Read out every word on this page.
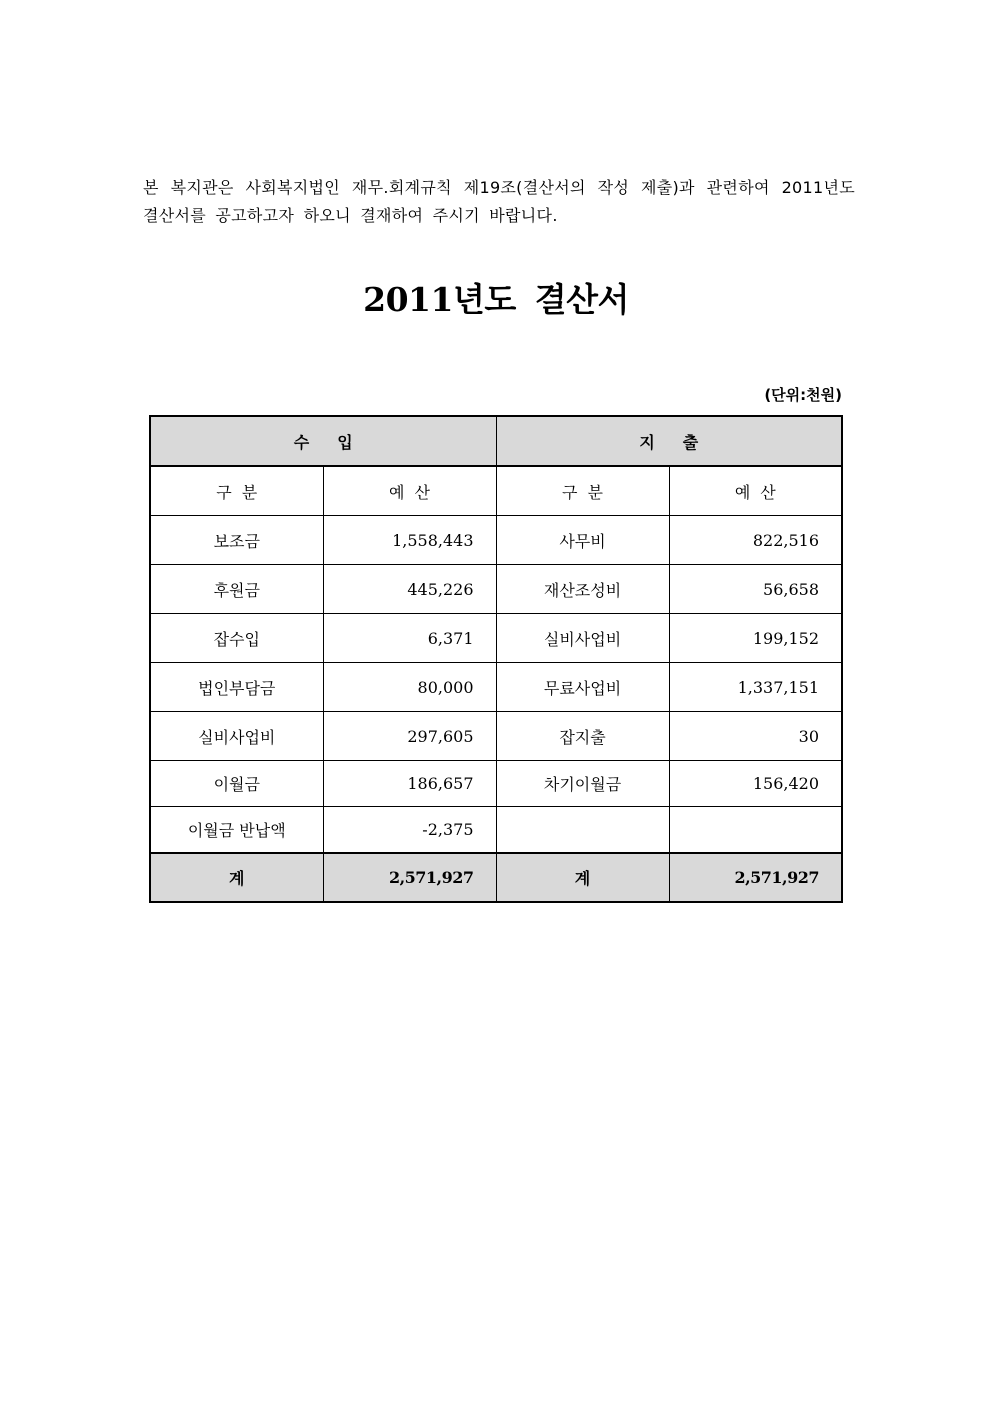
본 복지관은 사회복지법인 재무.회계규칙 제19조(결산서의 작성 제출)과 관련하여 2011년도 결산서를 공고하고자 하오니 결재하여 주시기 바랍니다.

2011년도 결산서
(단위:천원)
수입		지출	
구분	예산	구분	예산
보조금	1,558,443	사무비	822,516
후원금	445,226	재산조성비	56,658
잡수입	6,371	실비사업비	199,152
법인부담금	80,000	무료사업비	1,337,151
실비사업비	297,605	잡지출	30
이월금	186,657	차기이월금	156,420
이월금 반납액	-2,375		
계	2,571,927	계	2,571,927
